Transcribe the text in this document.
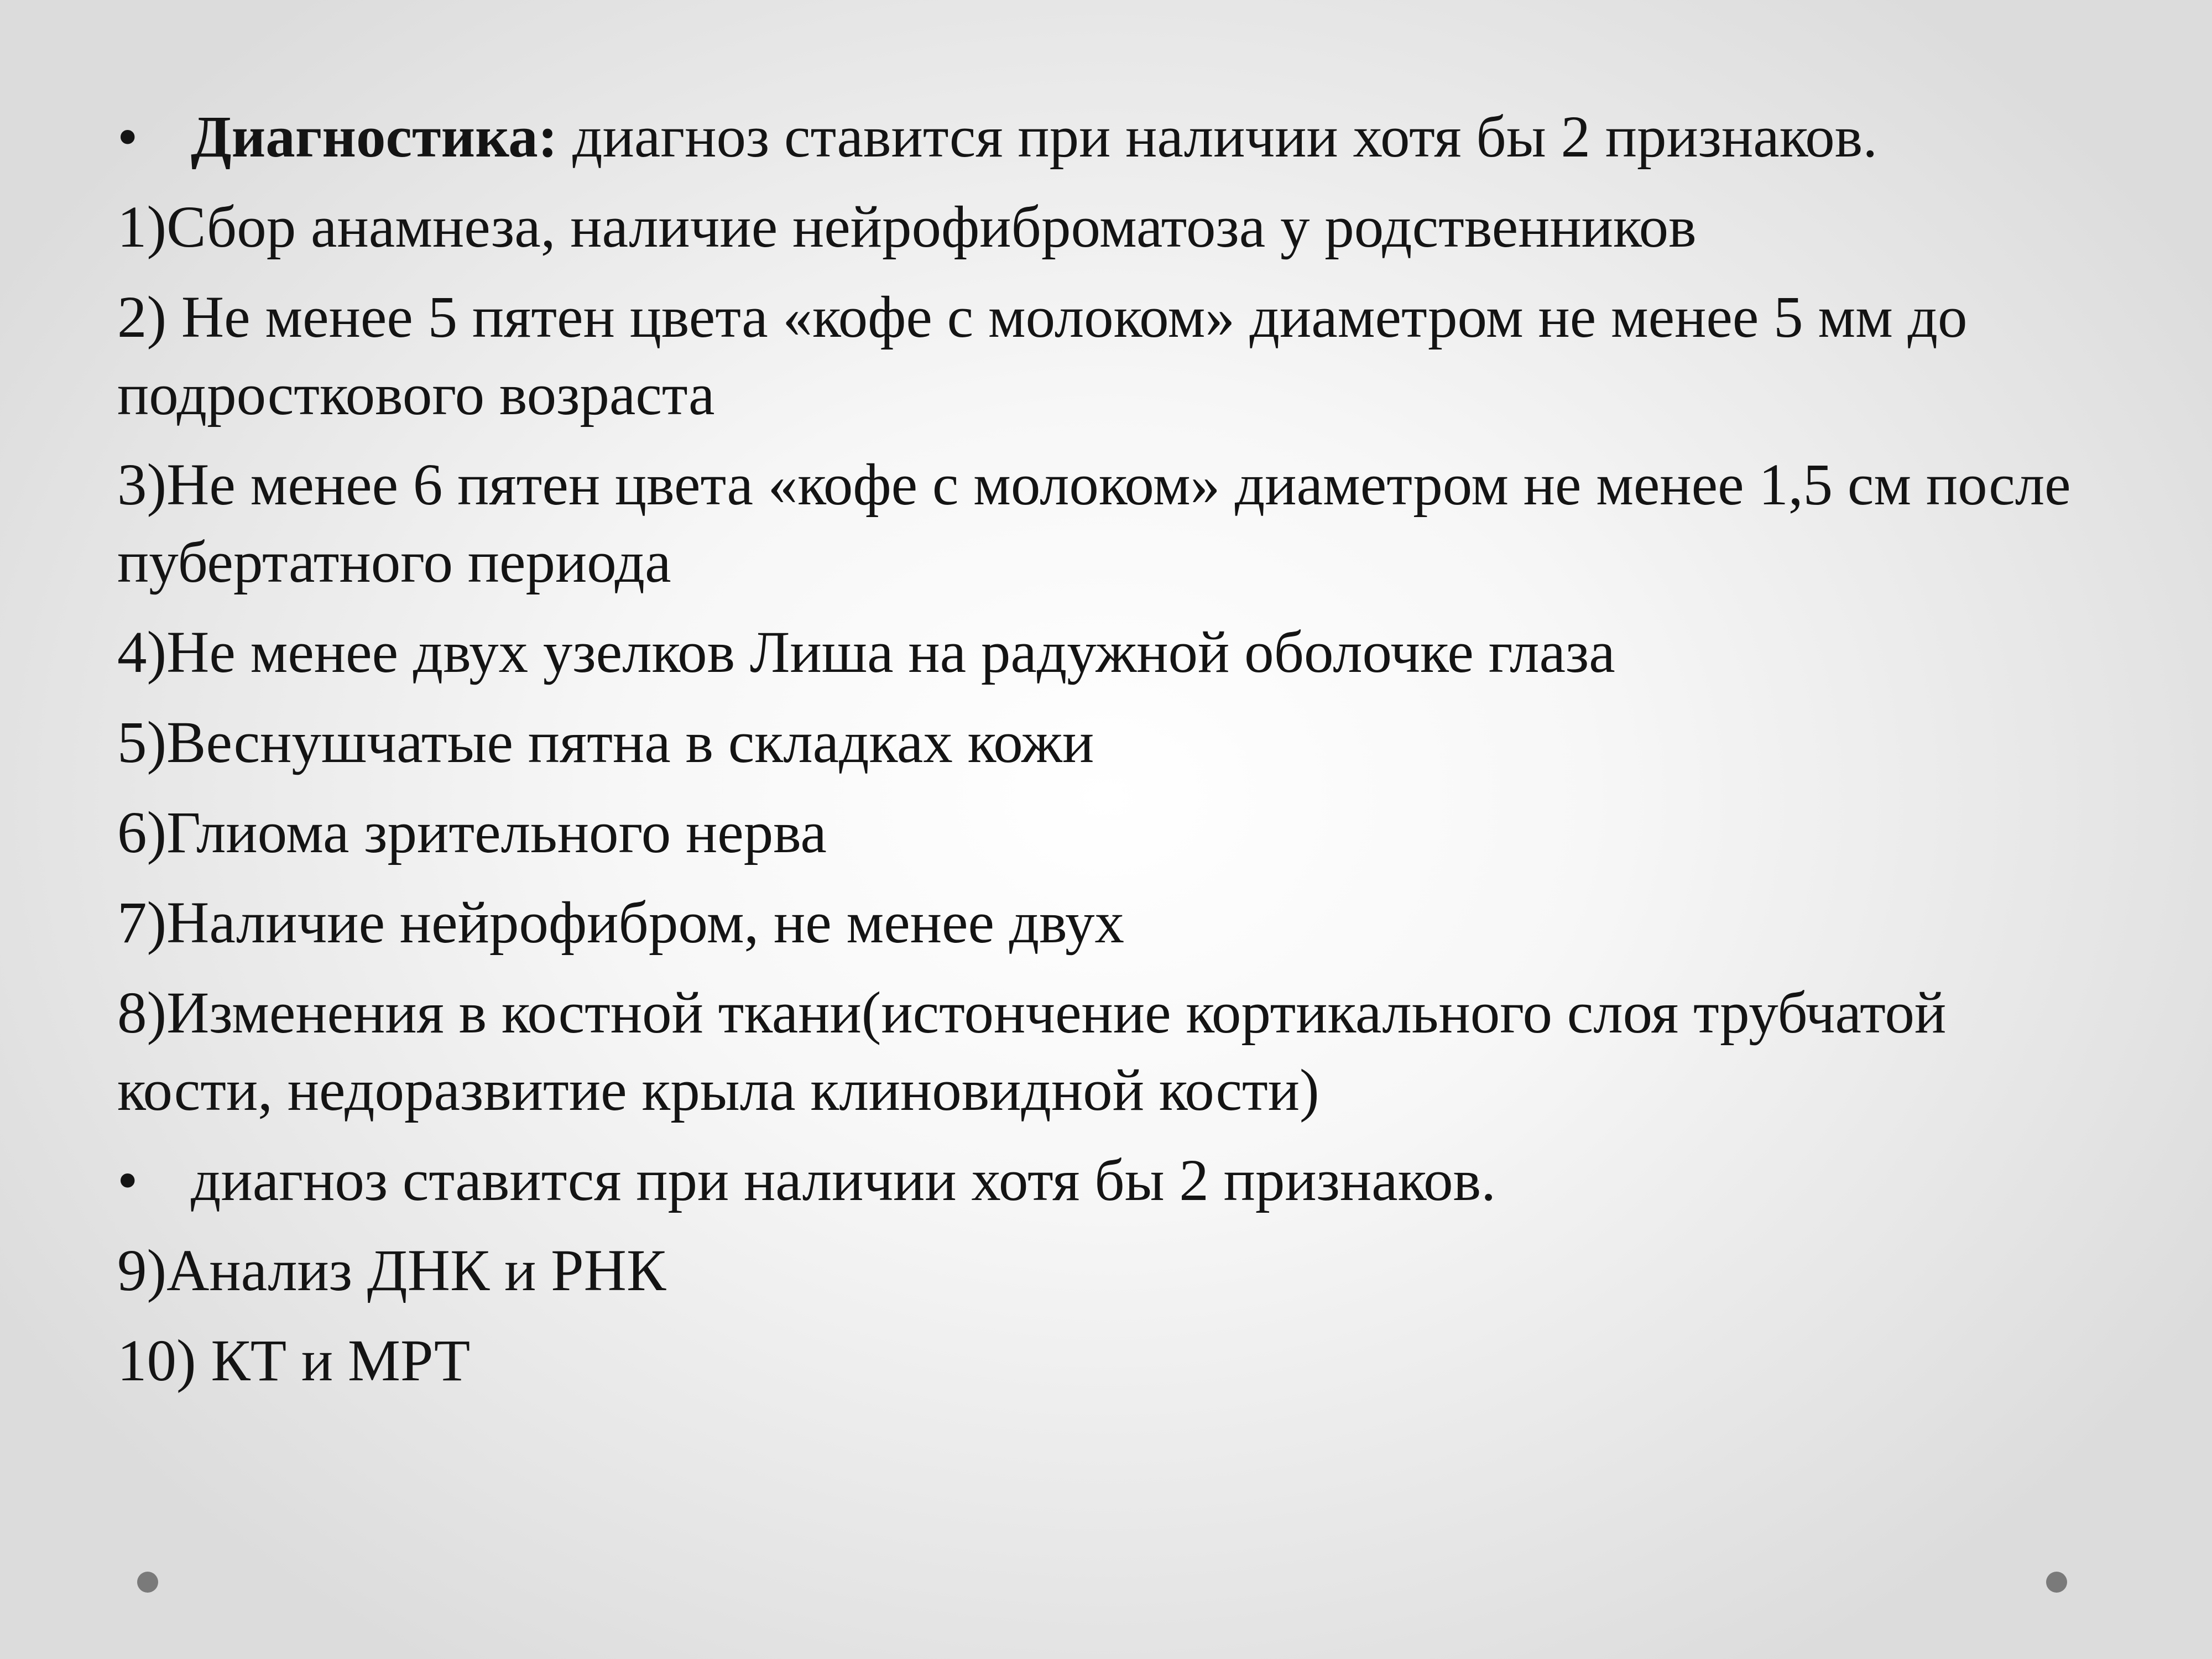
• Диагностика: диагноз ставится при наличии хотя бы 2 признаков.

1)Сбор анамнеза, наличие нейрофиброматоза у родственников

2) Не менее 5 пятен цвета «кофе с молоком» диаметром не менее 5 мм до подросткового возраста

3)Не менее 6 пятен цвета «кофе с молоком» диаметром не менее 1,5 см после пубертатного периода

4)Не менее двух узелков Лиша на радужной оболочке глаза

5)Веснушчатые пятна в складках кожи

6)Глиома зрительного нерва

7)Наличие нейрофибром, не менее двух

8)Изменения в костной ткани(истончение кортикального слоя трубчатой кости, недоразвитие крыла клиновидной кости)

• диагноз ставится при наличии хотя бы 2 признаков.

9)Анализ ДНК и РНК

10) КТ и МРТ
